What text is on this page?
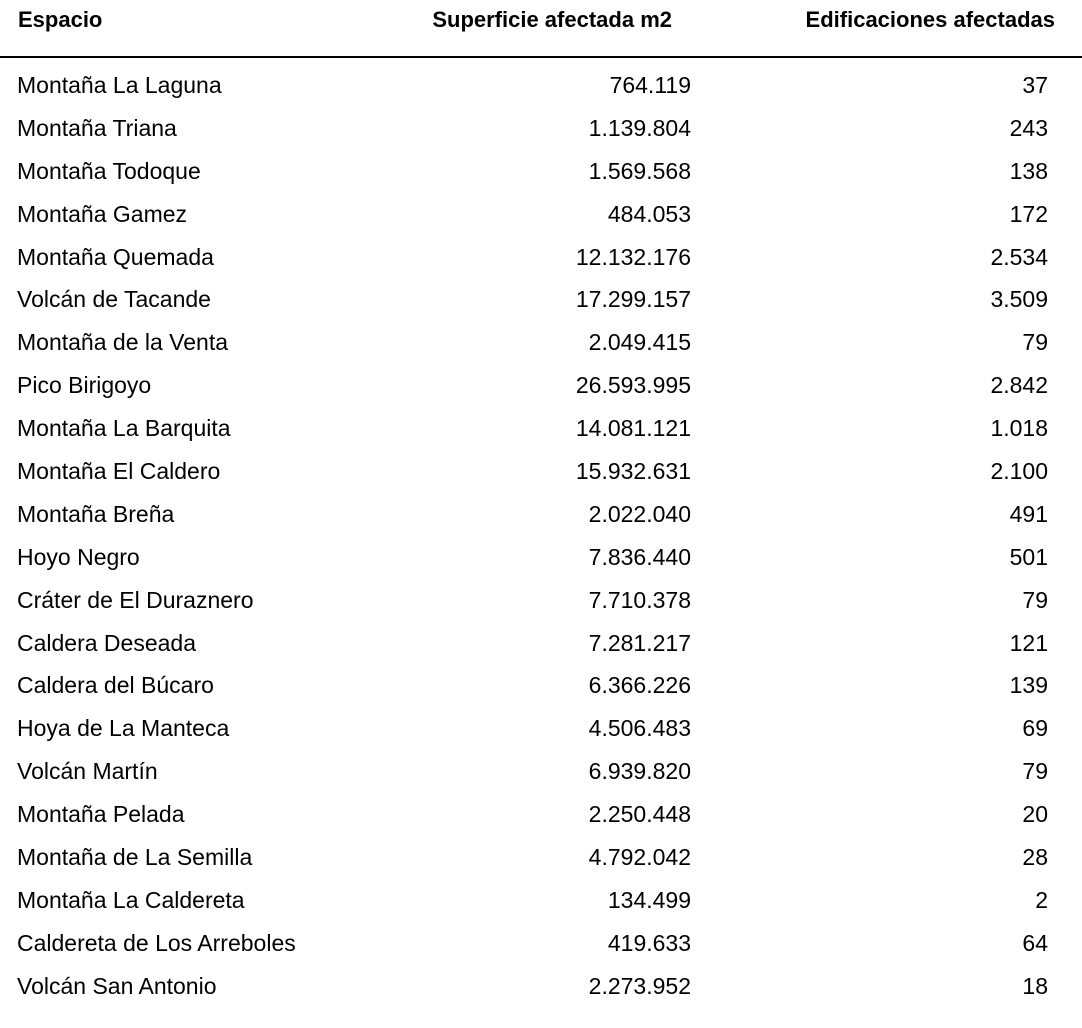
Espacio	Superficie afectada m2	Edificaciones afectadas
Montaña La Laguna	764.119	37
Montaña Triana	1.139.804	243
Montaña Todoque	1.569.568	138
Montaña Gamez	484.053	172
Montaña Quemada	12.132.176	2.534
Volcán de Tacande	17.299.157	3.509
Montaña de la Venta	2.049.415	79
Pico Birigoyo	26.593.995	2.842
Montaña La Barquita	14.081.121	1.018
Montaña El Caldero	15.932.631	2.100
Montaña Breña	2.022.040	491
Hoyo Negro	7.836.440	501
Cráter de El Duraznero	7.710.378	79
Caldera Deseada	7.281.217	121
Caldera del Búcaro	6.366.226	139
Hoya de La Manteca	4.506.483	69
Volcán Martín	6.939.820	79
Montaña Pelada	2.250.448	20
Montaña de La Semilla	4.792.042	28
Montaña La Caldereta	134.499	2
Caldereta de Los Arreboles	419.633	64
Volcán San Antonio	2.273.952	18
